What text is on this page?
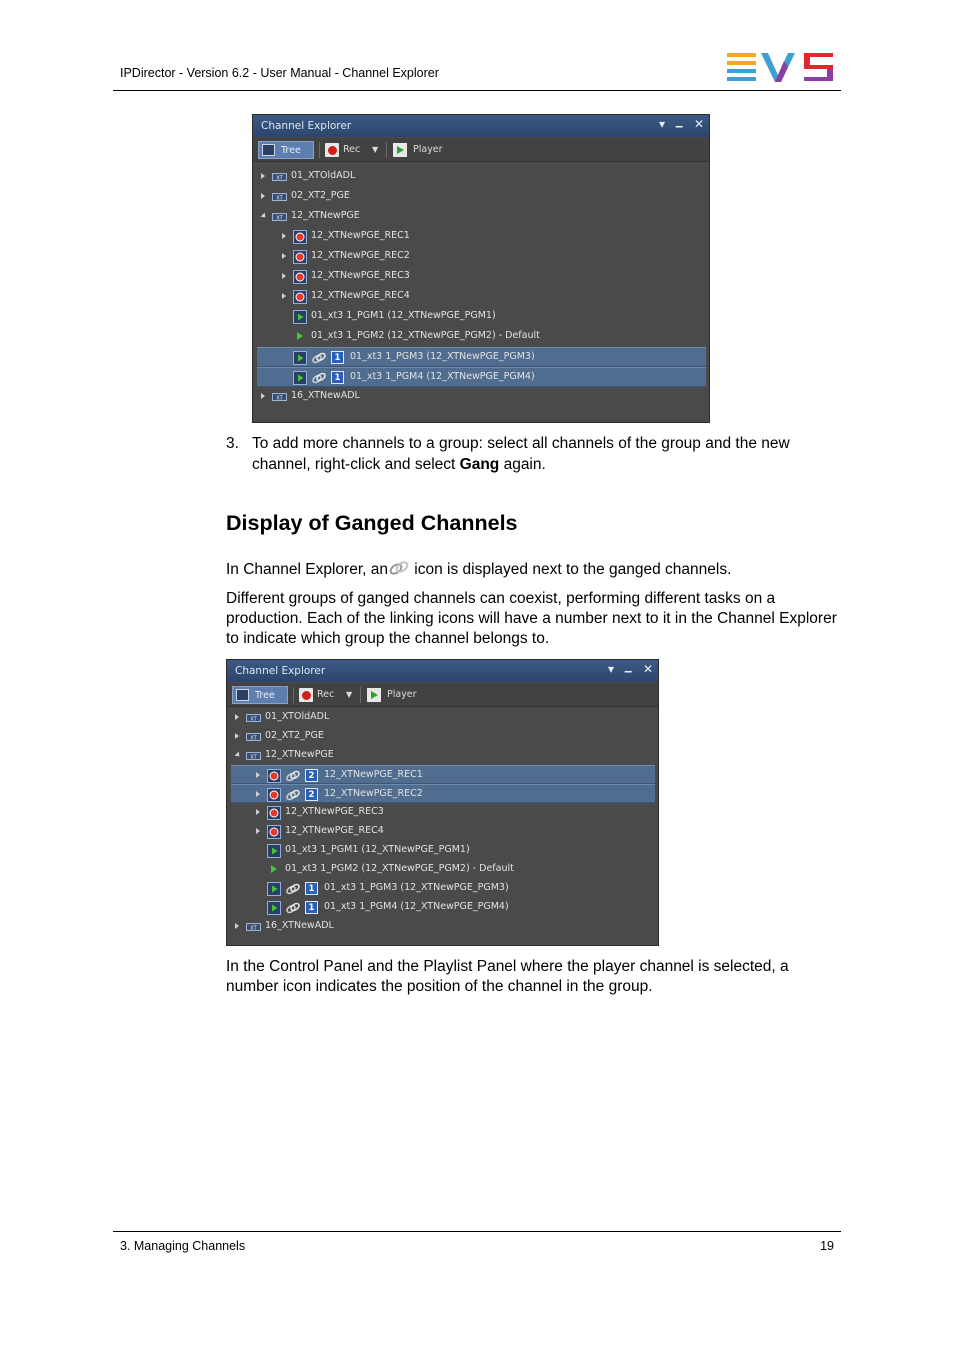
IPDirector - Version 6.2 - User Manual - Channel Explorer
Channel Explorer	▾ ‒ ✕
Tree	▼
Rec	Player
XT 01_XTOldADL
XT 02_XT2_PGE
XT 12_XTNewPGE
12_XTNewPGE_REC1
12_XTNewPGE_REC2
12_XTNewPGE_REC3
12_XTNewPGE_REC4
01_xt3 1_PGM1 (12_XTNewPGE_PGM1)
01_xt3 1_PGM2 (12_XTNewPGE_PGM2) - Default
1	01_xt3 1_PGM3 (12_XTNewPGE_PGM3)
1	01_xt3 1_PGM4 (12_XTNewPGE_PGM4)
XT 16_XTNewADL
3. To add more channels to a group: select all channels of the group and the new channel, right-click and select Gang again.
Display of Ganged Channels
In Channel Explorer, an icon is displayed next to the ganged channels.
Different groups of ganged channels can coexist, performing different tasks on a production. Each of the linking icons will have a number next to it in the Channel Explorer to indicate which group the channel belongs to.
Channel Explorer	▾ ‒ ✕
Tree	▼
Rec	Player
XT 01_XTOldADL
XT 02_XT2_PGE
XT 12_XTNewPGE
2	12_XTNewPGE_REC1
2	12_XTNewPGE_REC2
12_XTNewPGE_REC3
12_XTNewPGE_REC4
01_xt3 1_PGM1 (12_XTNewPGE_PGM1)
01_xt3 1_PGM2 (12_XTNewPGE_PGM2) - Default
1	01_xt3 1_PGM3 (12_XTNewPGE_PGM3)
1	01_xt3 1_PGM4 (12_XTNewPGE_PGM4)
XT 16_XTNewADL
In the Control Panel and the Playlist Panel where the player channel is selected, a number icon indicates the position of the channel in the group.
3. Managing Channels	19
